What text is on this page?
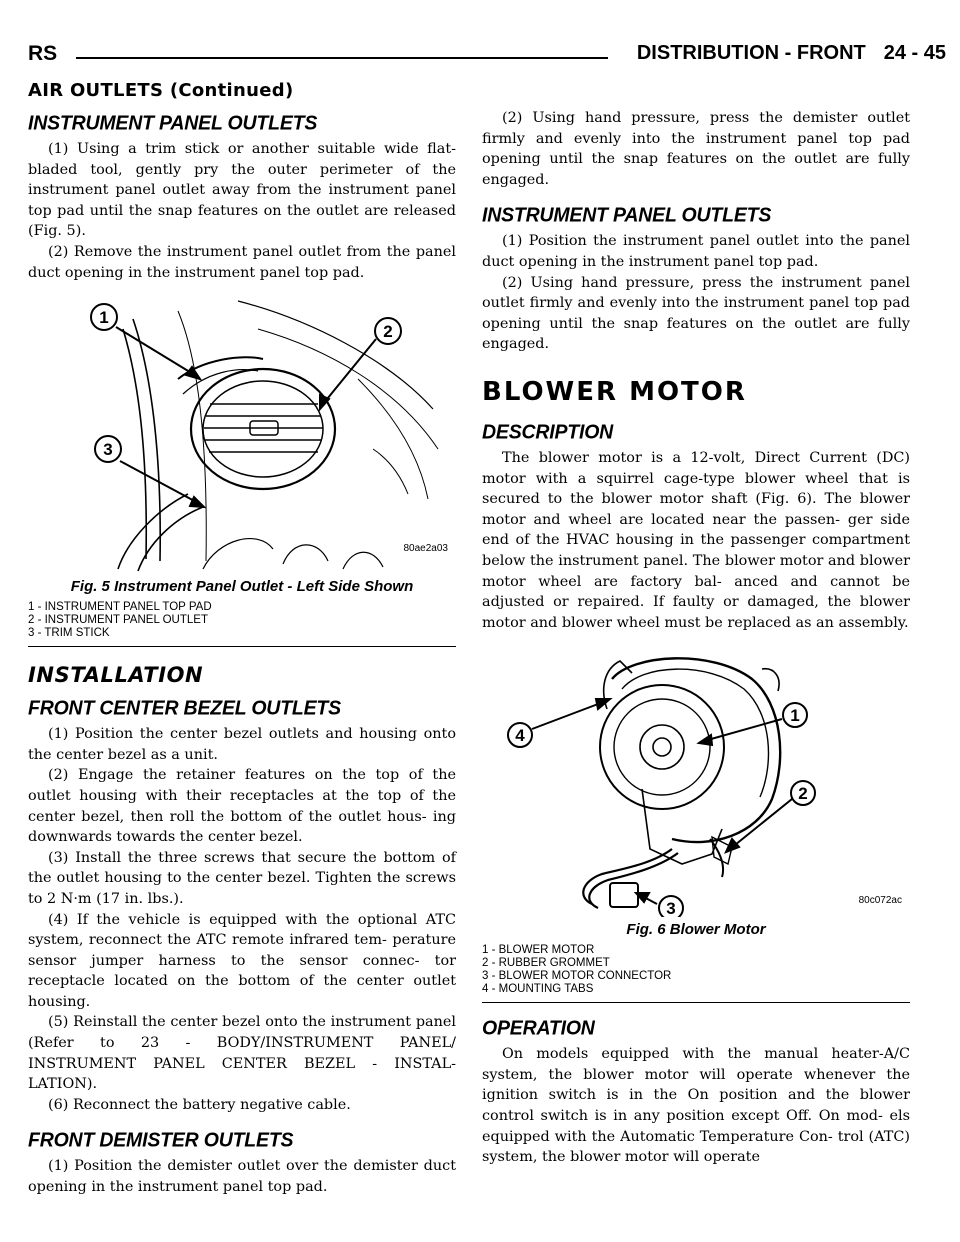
RS	DISTRIBUTION - FRONT 24 - 45
AIR OUTLETS (Continued)
INSTRUMENT PANEL OUTLETS

(1) Using a trim stick or another suitable wide flat-bladed tool, gently pry the outer perimeter of the instrument panel outlet away from the instrument panel top pad until the snap features on the outlet are released (Fig. 5).

(2) Remove the instrument panel outlet from the panel duct opening in the instrument panel top pad.

1
2
3
80ae2a03
Fig. 5 Instrument Panel Outlet - Left Side Shown
1 - INSTRUMENT PANEL TOP PAD
2 - INSTRUMENT PANEL OUTLET
3 - TRIM STICK
INSTALLATION
FRONT CENTER BEZEL OUTLETS

(1) Position the center bezel outlets and housing onto the center bezel as a unit.

(2) Engage the retainer features on the top of the outlet housing with their receptacles at the top of the center bezel, then roll the bottom of the outlet hous- ing downwards towards the center bezel.

(3) Install the three screws that secure the bottom of the outlet housing to the center bezel. Tighten the screws to 2 N·m (17 in. lbs.).

(4) If the vehicle is equipped with the optional ATC system, reconnect the ATC remote infrared tem- perature sensor jumper harness to the sensor connec- tor receptacle located on the bottom of the center outlet housing.

(5) Reinstall the center bezel onto the instrument panel (Refer to 23 - BODY/INSTRUMENT PANEL/ INSTRUMENT PANEL CENTER BEZEL - INSTAL- LATION).

(6) Reconnect the battery negative cable.

FRONT DEMISTER OUTLETS

(1) Position the demister outlet over the demister duct opening in the instrument panel top pad.

(2) Using hand pressure, press the demister outlet firmly and evenly into the instrument panel top pad opening until the snap features on the outlet are fully engaged.

INSTRUMENT PANEL OUTLETS

(1) Position the instrument panel outlet into the panel duct opening in the instrument panel top pad.

(2) Using hand pressure, press the instrument panel outlet firmly and evenly into the instrument panel top pad opening until the snap features on the outlet are fully engaged.

BLOWER MOTOR
DESCRIPTION

The blower motor is a 12-volt, Direct Current (DC) motor with a squirrel cage-type blower wheel that is secured to the blower motor shaft (Fig. 6). The blower motor and wheel are located near the passen- ger side end of the HVAC housing in the passenger compartment below the instrument panel. The blower motor and blower motor wheel are factory bal- anced and cannot be adjusted or repaired. If faulty or damaged, the blower motor and blower wheel must be replaced as an assembly.

1
2
3
4
80c072ac
Fig. 6 Blower Motor
1 - BLOWER MOTOR
2 - RUBBER GROMMET
3 - BLOWER MOTOR CONNECTOR
4 - MOUNTING TABS
OPERATION

On models equipped with the manual heater-A/C system, the blower motor will operate whenever the ignition switch is in the On position and the blower control switch is in any position except Off. On mod- els equipped with the Automatic Temperature Con- trol (ATC) system, the blower motor will operate
